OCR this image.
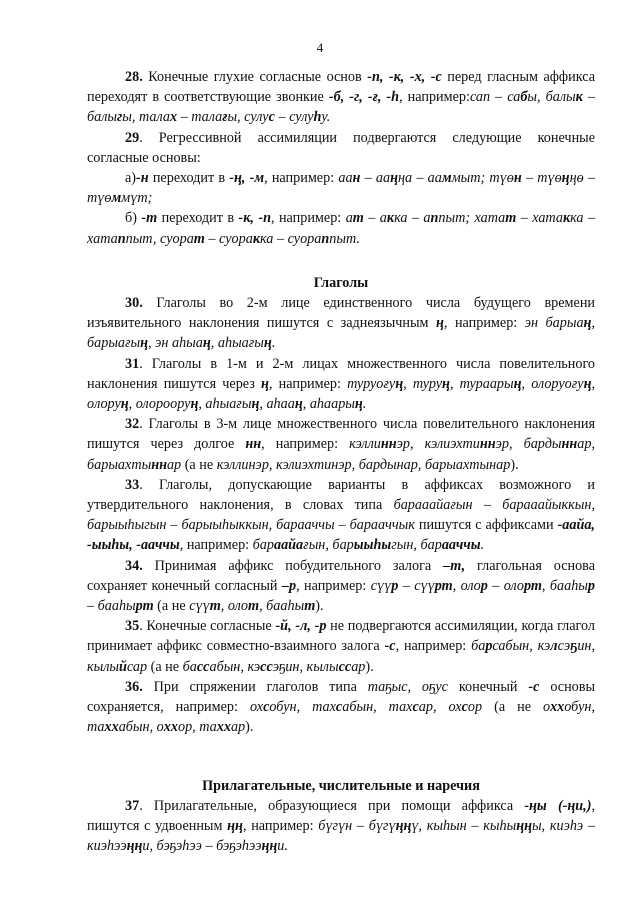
4

28. Конечные глухие согласные основ -п, -к, -х, -с перед гласным аффикса переходят в соответствующие звонкие -б, -г, -ғ, -һ, например:сап – сабы, балык – балыгы, талах – талағы, сулус – сулуһу.

29. Регрессивной ассимиляции подвергаются следующие конечные согласные основы:

а)-н переходит в -ң, -м, например: аан – ааңңа – ааммыт; түөн – түөңңө – түөммүт;

б) -т переходит в -к, -п, например: ат – акка – аппыт; хатат – хатакка – хатаппыт, суорат – суоракка – суораппыт.

Глаголы

30. Глаголы во 2-м лице единственного числа будущего времени изъявительного наклонения пишутся с заднеязычным ң, например: эн барыаң, барыағың, эн аһыаң, аһыағың.

31. Глаголы в 1-м и 2-м лицах множественного числа повелительного наклонения пишутся через ң, например: туруоғуң, туруң, тураарың, олоруоғуң, oлоруң, олорооруң, аһыағың, аһааң, аһаарың.

32. Глаголы в 3-м лице множественного числа повелительного наклонения пишутся через долгое нн, например: кэллиннэр, кэлиэхтиннэр, бардыннар, барыахтыннар (а не кэллинэр, кэлиэхтинэр, бардынар, барыахтынар).

33. Глаголы, допускающие варианты в аффиксах возможного и утвердительного наклонения, в словах типа барааайағын – барааайыккын, барыыhыгын – барыыhыккын, барааччы – бараaччык пишутся с аффиксами -аайа, -ыыhы, -ааччы, например: бараайағын, барыыhыгын, барааччы.

34. Принимая аффикс побудительного залога –т, глагольная основа сохраняет конечный согласный –р, например: сүүр – сүүрт, олор – олорт, бааһыр – бааһырт (а не сүүт, олот, бааһыт).

35. Конечные согласные -й, -л, -р не подвергаются ассимиляции, когда глагол принимает аффикс совместно-взаимного залога -с, например: барсабын, кэлсэҕин, кылыйсар (а не бассабын, кэссэҕин, кылыссар).

36. При спряжении глаголов типа таҕыс, оҕус конечный -с основы сохраняется, например: охсобун, тахсабын, тахсар, охсор (а не оххобун, таххабын, оххор, таххар).

Прилагательные, числительные и наречия

37. Прилагательные, образующиеся при помощи аффикса -ңы (-ңи,), пишутся с удвоенным ңң, например: бүгүн – бүгүңңү, кыһын – кыһыңңы, киэһэ – киэһээңңи, бэҕэһээ – бэҕэһээңңи.
